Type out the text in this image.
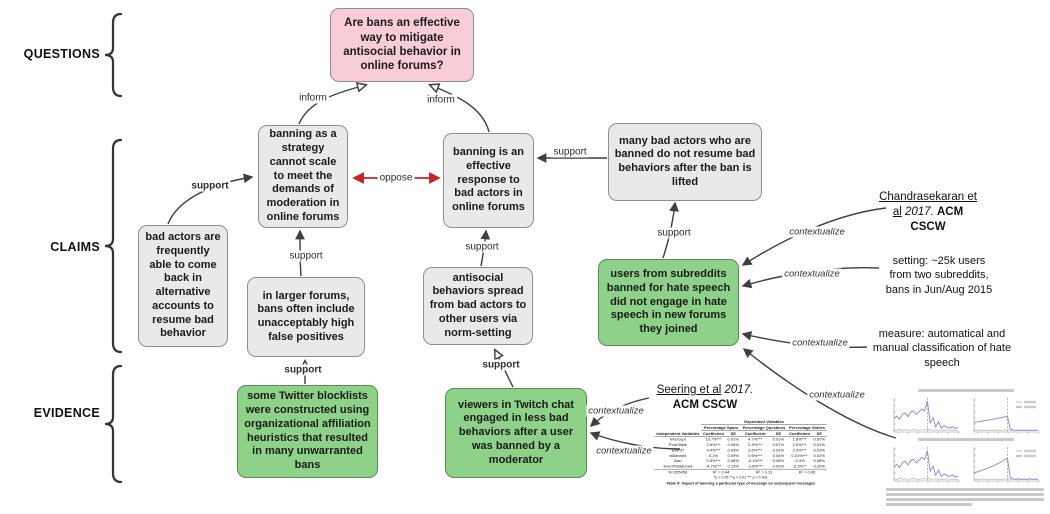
QUESTIONS
CLAIMS
EVIDENCE
Are bans an effective way to mitigate antisocial behavior in online forums?
banning as a strategy cannot scale to meet the demands of moderation in online forums
banning is an effective response to bad actors in online forums
bad actors are frequently able to come back in alternative accounts to resume bad behavior
in larger forums, bans often include unacceptably high false positives
antisocial behaviors spread from bad actors to other users via norm-setting
many bad actors who are banned do not resume bad behaviors after the ban is lifted
users from subreddits banned for hate speech did not engage in hate speech in new forums they joined
some Twitter blocklists were constructed using organizational affiliation heuristics that resulted in many unwarranted bans
viewers in Twitch chat engaged in less bad behaviors after a user was banned by a moderator
inform	inform
oppose
support
support
support
support
support
support
support
contextualize
contextualize
contextualize
contextualize
contextualize
contextualize
Chandrasekaran et al 2017. ACM CSCW
setting: ~25k users from two subreddits, bans in Jun/Aug 2015
measure: automatical and manual classification of hate speech
Seering et al 2017.
ACM CSCW
	Dependent Variables					
	Percentage Spam		Percentage Questions		Percentage Smiles	
Independent Variables	Coefficient	SE	Coefficient	SE	Coefficient	SE
Intercept	13.7%***	0.01%	4.7%***	0.01%	1.8%***	0.00%
PriorState	2.6%***	0.06%	2.3%***	0.07%	2.0%***	0.01%
Event?	4.4%***	0.03%	2.6%***	0.02%	2.2%***	0.03%
isBanned	0.1%	0.09%	0.6%***	0.04%	0.01%***	0.02%
Ban	0.5%***	0.08%	-0.1%***	0.08%	-0.3%	0.08%
Event*isBanned	-4.7%***	0.13%	-1.6%***	0.02%	-2.3%**	0.20%
N=205456	R² = 0.44		R² = 0.11		R² = 0.06	
*p < 0.05 ** p < 0.01 *** p < 0.001
Table 9: Impact of banning a particular type of message on subsequent messages
